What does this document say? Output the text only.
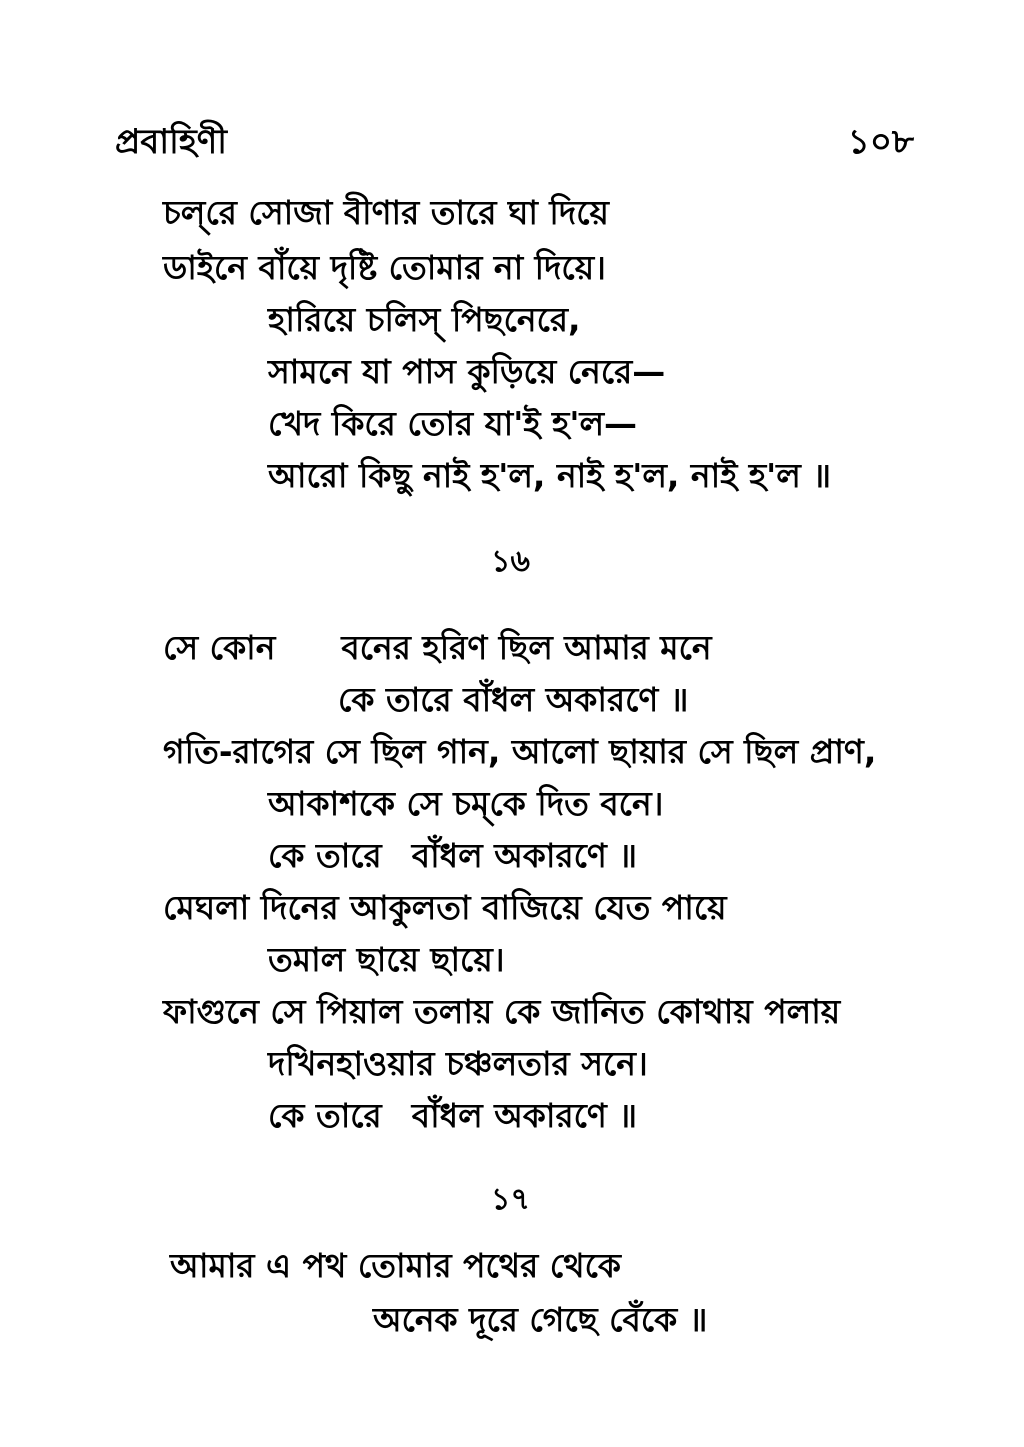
প্রবাহিণী	১০৮

চল্‌রে সোজা বীণার তারে ঘা দিয়ে

ডাইনে বাঁয়ে দৃষ্টি তোমার না দিয়ে।

হারিয়ে চলিস্‌ পিছনেরে,

সামনে যা পাস কুড়িয়ে নেরে—

খেদ কিরে তোর যা'ই হ'ল—

আরো কিছু নাই হ'ল, নাই হ'ল, নাই হ'ল ॥

১৬

সে কোন বনের হরিণ ছিল আমার মনে

কে তারে বাঁধল অকারণে ॥

গতি-রাগের সে ছিল গান, আলো ছায়ার সে ছিল প্রাণ,

আকাশকে সে চম্‌কে দিত বনে।

কে তারে বাঁধল অকারণে ॥

মেঘলা দিনের আকুলতা বাজিয়ে যেত পায়ে

তমাল ছায়ে ছায়ে।

ফাগুনে সে পিয়াল তলায় কে জানিত কোথায় পলায়

দখিনহাওয়ার চঞ্চলতার সনে।

কে তারে বাঁধল অকারণে ॥

১৭

আমার এ পথ তোমার পথের থেকে

অনেক দূরে গেছে বেঁকে ॥
